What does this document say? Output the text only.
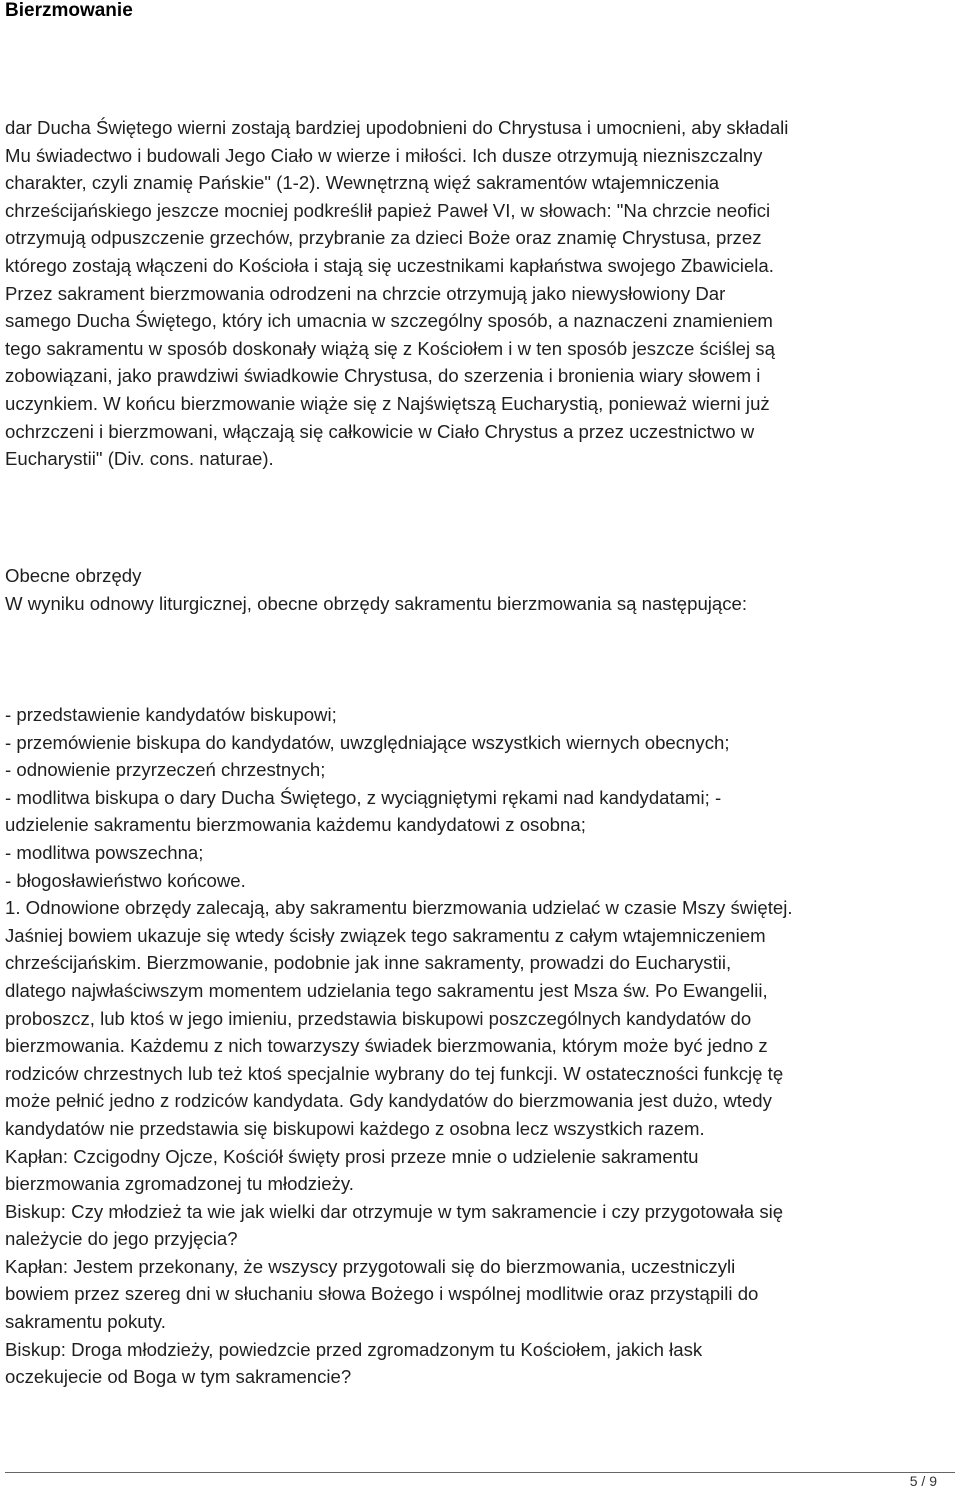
Bierzmowanie
dar Ducha Świętego wierni zostają bardziej upodobnieni do Chrystusa i umocnieni, aby składali
Mu świadectwo i budowali Jego Ciało w wierze i miłości. Ich dusze otrzymują niezniszczalny
charakter, czyli znamię Pańskie" (1-2). Wewnętrzną więź sakramentów wtajemniczenia
chrześcijańskiego jeszcze mocniej podkreślił papież Paweł VI, w słowach: "Na chrzcie neofici
otrzymują odpuszczenie grzechów, przybranie za dzieci Boże oraz znamię Chrystusa, przez
którego zostają włączeni do Kościoła i stają się uczestnikami kapłaństwa swojego Zbawiciela.
Przez sakrament bierzmowania odrodzeni na chrzcie otrzymują jako niewysłowiony Dar
samego Ducha Świętego, który ich umacnia w szczególny sposób, a naznaczeni znamieniem
tego sakramentu w sposób doskonały wiążą się z Kościołem i w ten sposób jeszcze ściślej są
zobowiązani, jako prawdziwi świadkowie Chrystusa, do szerzenia i bronienia wiary słowem i
uczynkiem. W końcu bierzmowanie wiąże się z Najświętszą Eucharystią, ponieważ wierni już
ochrzczeni i bierzmowani, włączają się całkowicie w Ciało Chrystus a przez uczestnictwo w
Eucharystii" (Div. cons. naturae).
Obecne obrzędy
W wyniku odnowy liturgicznej, obecne obrzędy sakramentu bierzmowania są następujące:
- przedstawienie kandydatów biskupowi;
- przemówienie biskupa do kandydatów, uwzględniające wszystkich wiernych obecnych;
- odnowienie przyrzeczeń chrzestnych;
- modlitwa biskupa o dary Ducha Świętego, z wyciągniętymi rękami nad kandydatami; -
udzielenie sakramentu bierzmowania każdemu kandydatowi z osobna;
- modlitwa powszechna;
- błogosławieństwo końcowe.
1. Odnowione obrzędy zalecają, aby sakramentu bierzmowania udzielać w czasie Mszy świętej.
Jaśniej bowiem ukazuje się wtedy ścisły związek tego sakramentu z całym wtajemniczeniem
chrześcijańskim. Bierzmowanie, podobnie jak inne sakramenty, prowadzi do Eucharystii,
dlatego najwłaściwszym momentem udzielania tego sakramentu jest Msza św. Po Ewangelii,
proboszcz, lub ktoś w jego imieniu, przedstawia biskupowi poszczególnych kandydatów do
bierzmowania. Każdemu z nich towarzyszy świadek bierzmowania, którym może być jedno z
rodziców chrzestnych lub też ktoś specjalnie wybrany do tej funkcji. W ostateczności funkcję tę
może pełnić jedno z rodziców kandydata. Gdy kandydatów do bierzmowania jest dużo, wtedy
kandydatów nie przedstawia się biskupowi każdego z osobna lecz wszystkich razem.
Kapłan: Czcigodny Ojcze, Kościół święty prosi przeze mnie o udzielenie sakramentu
bierzmowania zgromadzonej tu młodzieży.
Biskup: Czy młodzież ta wie jak wielki dar otrzymuje w tym sakramencie i czy przygotowała się
należycie do jego przyjęcia?
Kapłan: Jestem przekonany, że wszyscy przygotowali się do bierzmowania, uczestniczyli
bowiem przez szereg dni w słuchaniu słowa Bożego i wspólnej modlitwie oraz przystąpili do
sakramentu pokuty.
Biskup: Droga młodzieży, powiedzcie przed zgromadzonym tu Kościołem, jakich łask
oczekujecie od Boga w tym sakramencie?
5 / 9
